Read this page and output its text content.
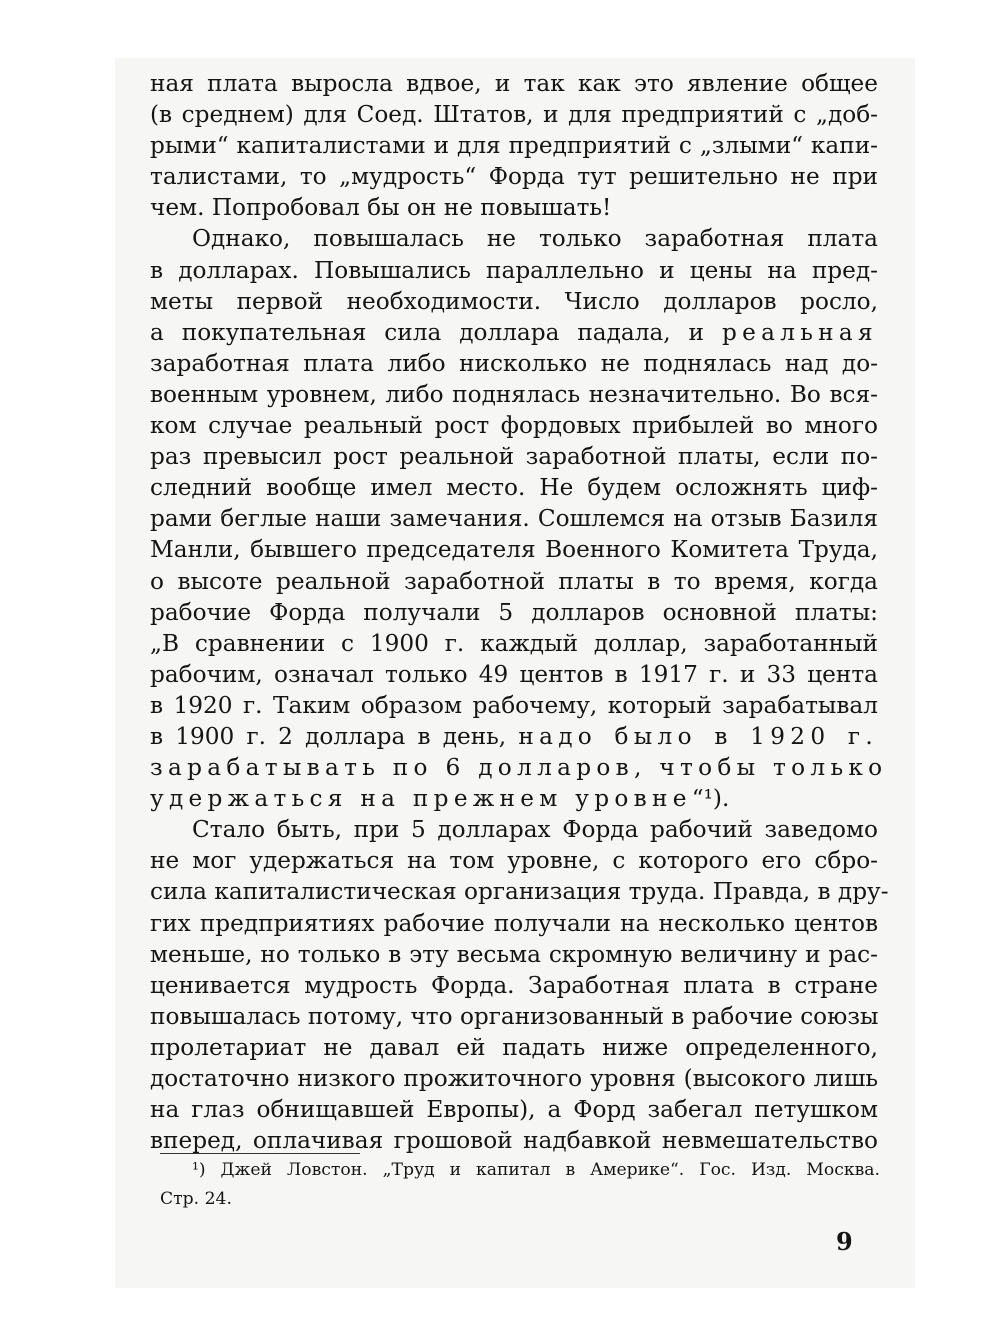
ная плата выросла вдвое, и так как это явление общее
(в среднем) для Соед. Штатов, и для предприятий с „доб-
рыми“ капиталистами и для предприятий с „злыми“ капи-
талистами, то „мудрость“ Форда тут решительно не при
чем. Попробовал бы он не повышать!
Однако, повышалась не только заработная плата
в долларах. Повышались параллельно и цены на пред-
меты первой необходимости. Число долларов росло,
а покупательная сила доллара падала, и реальная
заработная плата либо нисколько не поднялась над до-
военным уровнем, либо поднялась незначительно. Во вся-
ком случае реальный рост фордовых прибылей во много
раз превысил рост реальной заработной платы, если по-
следний вообще имел место. Не будем осложнять циф-
рами беглые наши замечания. Сошлемся на отзыв Базиля
Манли, бывшего председателя Военного Комитета Труда,
о высоте реальной заработной платы в то время, когда
рабочие Форда получали 5 долларов основной платы:
„В сравнении с 1900 г. каждый доллар, заработанный
рабочим, означал только 49 центов в 1917 г. и 33 цента
в 1920 г. Таким образом рабочему, который зарабатывал
в 1900 г. 2 доллара в день, надо было в 1920 г.
зарабатывать по 6 долларов, чтобы только
удержаться на прежнем уровне“¹).
Стало быть, при 5 долларах Форда рабочий заведомо
не мог удержаться на том уровне, с которого его сбро-
сила капиталистическая организация труда. Правда, в дру-
гих предприятиях рабочие получали на несколько центов
меньше, но только в эту весьма скромную величину и рас-
ценивается мудрость Форда. Заработная плата в стране
повышалась потому, что организованный в рабочие союзы
пролетариат не давал ей падать ниже определенного,
достаточно низкого прожиточного уровня (высокого лишь
на глаз обнищавшей Европы), а Форд забегал петушком
вперед, оплачивая грошовой надбавкой невмешательство
¹) Джей Ловстон. „Труд и капитал в Америке“. Гос. Изд. Москва.
Стр. 24.
9
